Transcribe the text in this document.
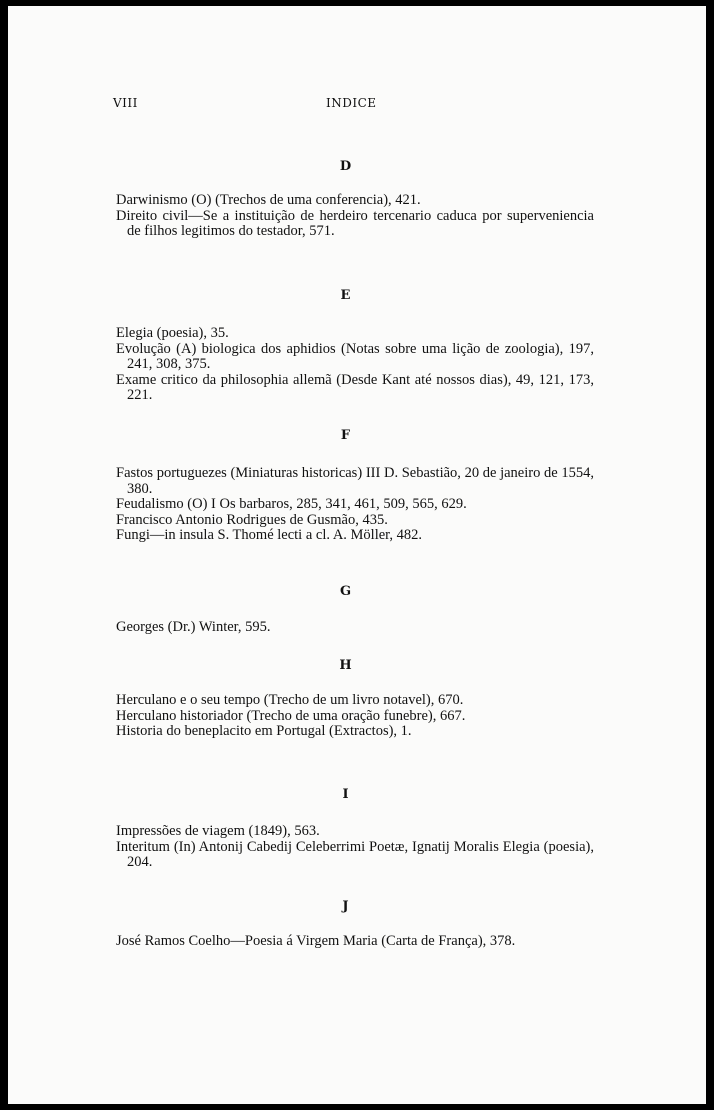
VIII	INDICE
D

Darwinismo (O) (Trechos de uma conferencia), 421.

Direito civil—Se a instituição de herdeiro tercenario caduca por superveniencia de filhos legitimos do testador, 571.

E

Elegia (poesia), 35.

Evolução (A) biologica dos aphidios (Notas sobre uma lição de zoologia), 197, 241, 308, 375.

Exame critico da philosophia allemã (Desde Kant até nossos dias), 49, 121, 173, 221.

F

Fastos portuguezes (Miniaturas historicas) III D. Sebastião, 20 de janeiro de 1554, 380.

Feudalismo (O) I Os barbaros, 285, 341, 461, 509, 565, 629.

Francisco Antonio Rodrigues de Gusmão, 435.

Fungi—in insula S. Thomé lecti a cl. A. Möller, 482.

G

Georges (Dr.) Winter, 595.

H

Herculano e o seu tempo (Trecho de um livro notavel), 670.

Herculano historiador (Trecho de uma oração funebre), 667.

Historia do beneplacito em Portugal (Extractos), 1.

I

Impressões de viagem (1849), 563.

Interitum (In) Antonij Cabedij Celeberrimi Poetæ, Ignatij Moralis Elegia (poesia), 204.

J

José Ramos Coelho—Poesia á Virgem Maria (Carta de França), 378.
